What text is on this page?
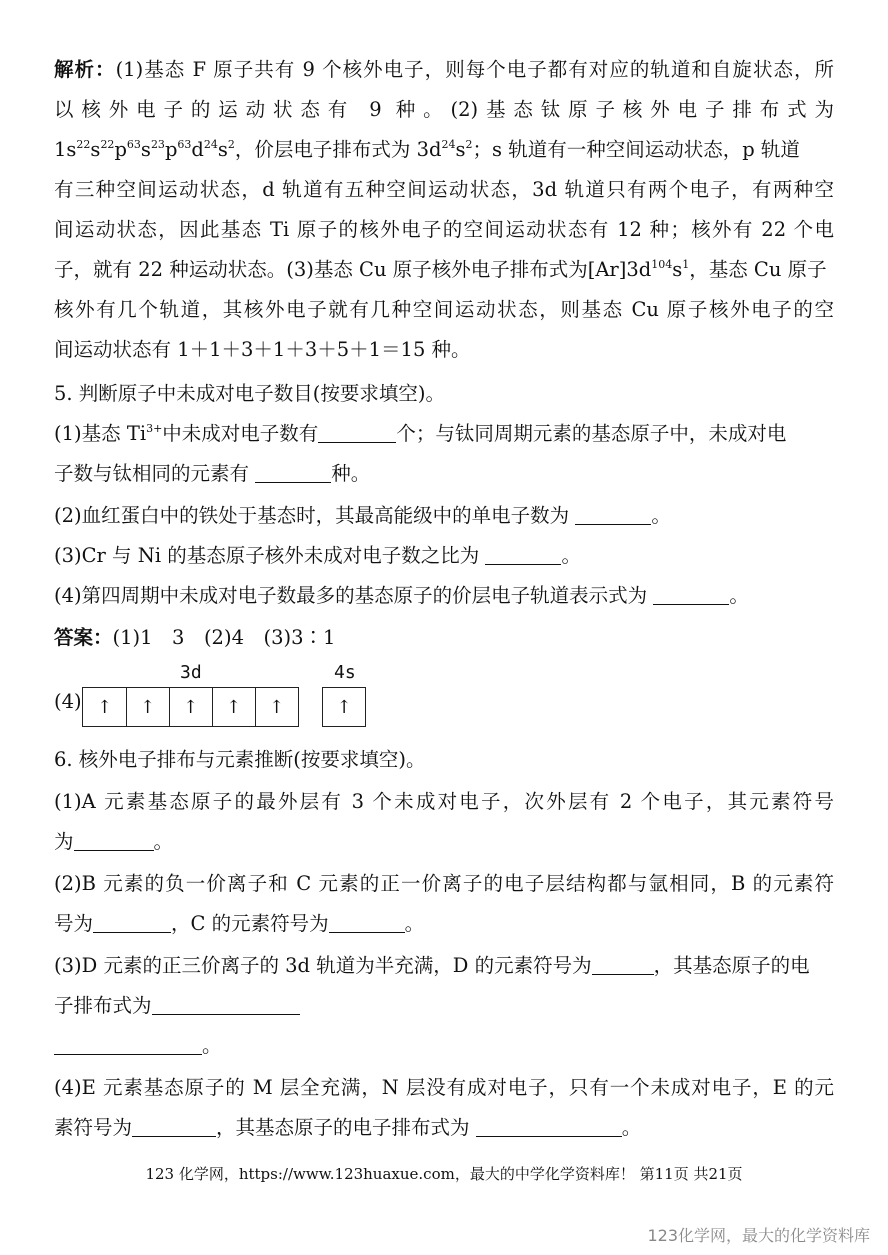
解析：(1)基态 F 原子共有 9 个核外电子，则每个电子都有对应的轨道和自旋状态，所
以核外电子的运动状态有 9 种。(2)基态钛原子核外电子排布式为
$1s^{22}s^{22}p^{63}s^{23}p^{63}d^{24}s^2$，价层电子排布式为 $3d^{24}s^2$；s 轨道有一种空间运动状态，p 轨道
有三种空间运动状态，d 轨道有五种空间运动状态，3d 轨道只有两个电子，有两种空
间运动状态，因此基态 Ti 原子的核外电子的空间运动状态有 12 种；核外有 22 个电
子，就有 22 种运动状态。(3)基态 Cu 原子核外电子排布式为$[Ar]3d^{104}s^1$，基态 Cu 原子
核外有几个轨道，其核外电子就有几种空间运动状态，则基态 Cu 原子核外电子的空
间运动状态有 1＋1＋3＋1＋3＋5＋1＝15 种。
5. 判断原子中未成对电子数目(按要求填空)。
(1)基态 $Ti^{3+}$中未成对电子数有	个；与钛同周期元素的基态原子中，未成对电
子数与钛相同的元素有	种。
(2)血红蛋白中的铁处于基态时，其最高能级中的单电子数为	。
(3)Cr 与 Ni 的基态原子核外未成对电子数之比为	。
(4)第四周期中未成对电子数最多的基态原子的价层电子轨道表示式为	。
答案：(1)1　3　(2)4　(3)3∶1
(4)
3d	4s
↑ ↑ ↑ ↑ ↑	↑
6. 核外电子排布与元素推断(按要求填空)。
(1)A 元素基态原子的最外层有 3 个未成对电子，次外层有 2 个电子，其元素符号
为	。
(2)B 元素的负一价离子和 C 元素的正一价离子的电子层结构都与氩相同，B 的元素符
号为	，C 的元素符号为	。
(3)D 元素的正三价离子的 3d 轨道为半充满，D 的元素符号为	，其基态原子的电
子排布式为
。
(4)E 元素基态原子的 M 层全充满，N 层没有成对电子，只有一个未成对电子，E 的元
素符号为	，其基态原子的电子排布式为	。
123 化学网，https://www.123huaxue.com，最大的中学化学资料库！ 第11页 共21页
123化学网，最大的化学资料库
